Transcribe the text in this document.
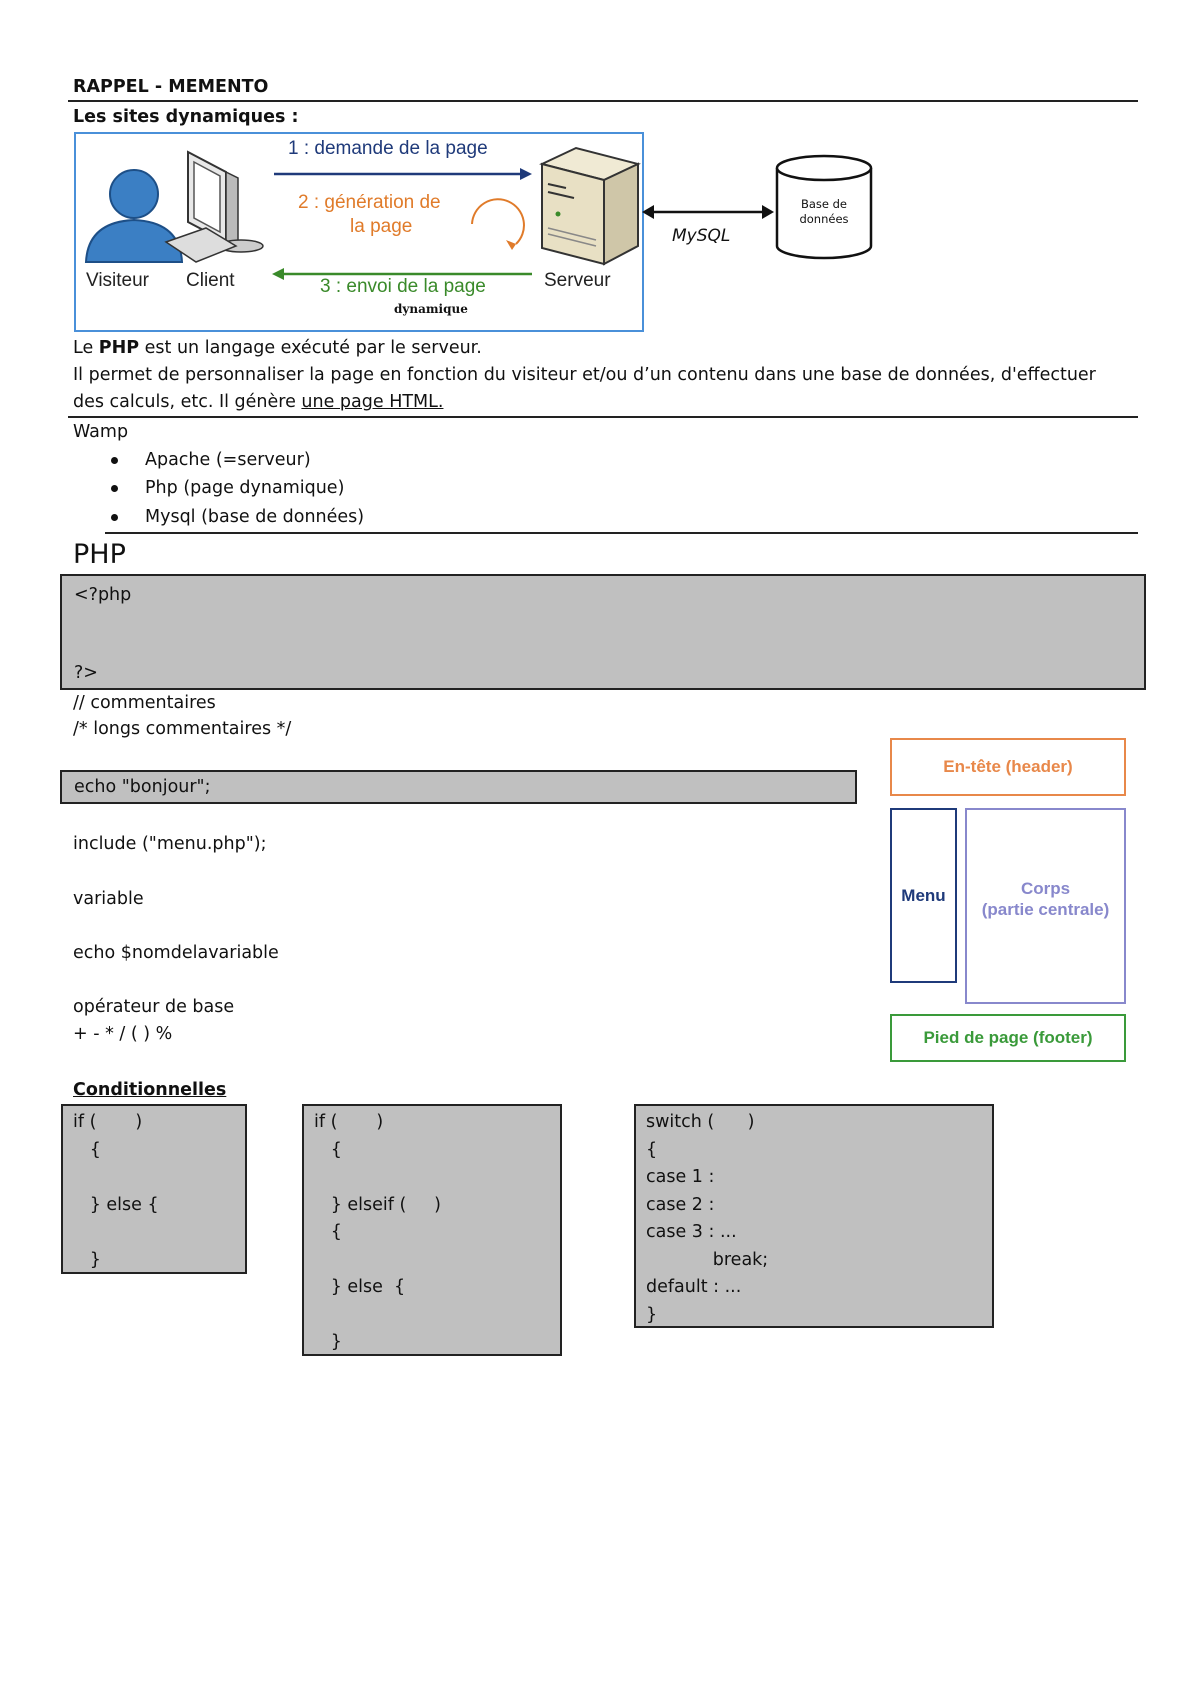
RAPPEL - MEMENTO
Les sites dynamiques :
1 : demande de la page
2 : génération de
la page
3 : envoi de la page
dynamique
Visiteur Client	Serveur
MySQL
Base de
données
Le PHP est un langage exécuté par le serveur.
Il permet de personnaliser la page en fonction du visiteur et/ou d’un contenu dans une base de données, d'effectuer
des calculs, etc. Il génère une page HTML.
Wamp
Apache (=serveur)
Php (page dynamique)
Mysql (base de données)
PHP
<?php
?>
// commentaires
/* longs commentaires */
echo "bonjour";
include ("menu.php");
variable
echo $nomdelavariable
opérateur de base
+ - * / ( ) %
En-tête (header)
Menu	Corps
(partie centrale)
Pied de page (footer)
Conditionnelles
if (       )
{

} else {

}
if (       )
{

} elseif (     )
{

} else  {

}
switch (      )
{
case 1 :
case 2 :
case 3 : ...
break;
default : ...
}
